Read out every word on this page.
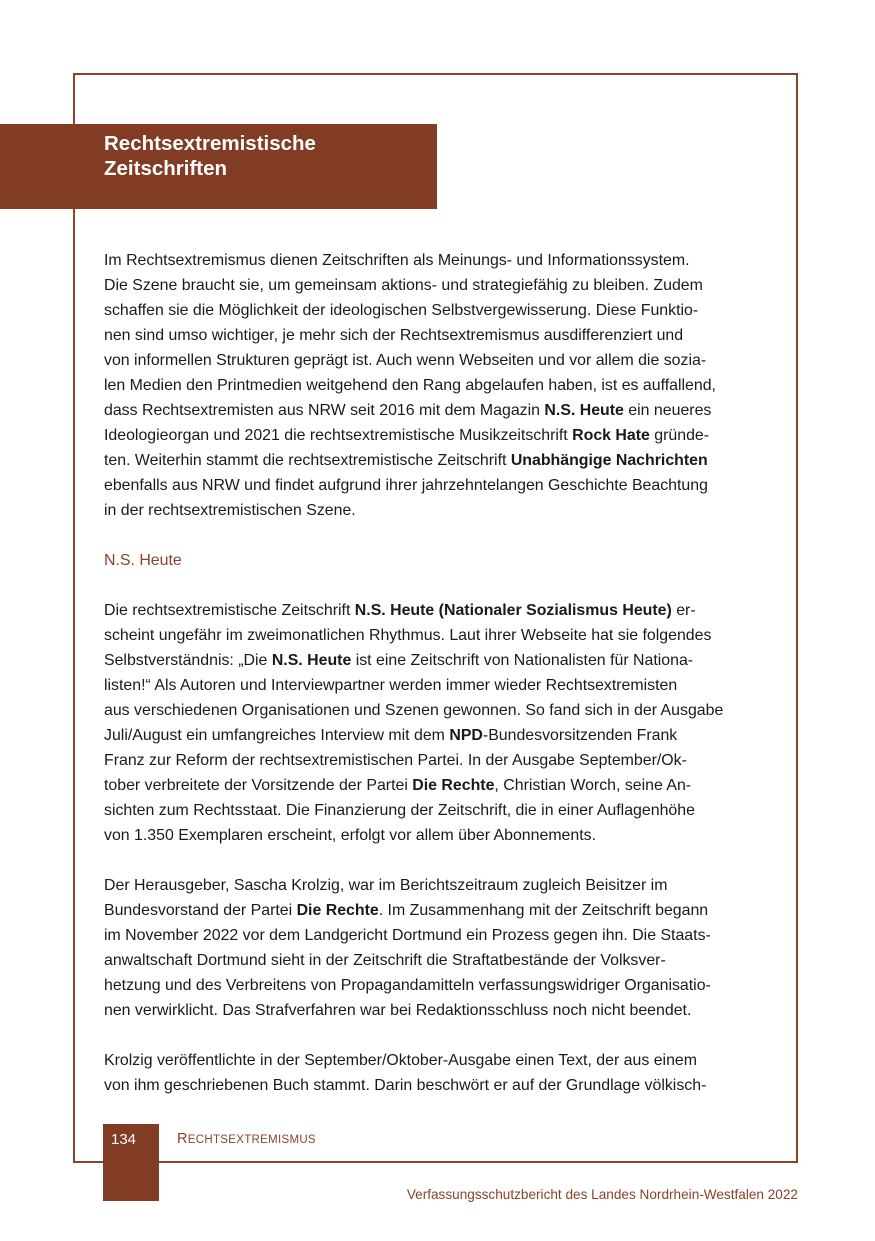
Rechtsextremistische
Zeitschriften
Im Rechtsextremismus dienen Zeitschriften als Meinungs- und Informationssystem.
Die Szene braucht sie, um gemeinsam aktions- und strategiefähig zu bleiben. Zudem
schaffen sie die Möglichkeit der ideologischen Selbstvergewisserung. Diese Funktio-
nen sind umso wichtiger, je mehr sich der Rechtsextremismus ausdifferenziert und
von informellen Strukturen geprägt ist. Auch wenn Webseiten und vor allem die sozia-
len Medien den Printmedien weitgehend den Rang abgelaufen haben, ist es auffallend,
dass Rechtsextremisten aus NRW seit 2016 mit dem Magazin N.S. Heute ein neueres
Ideologieorgan und 2021 die rechtsextremistische Musikzeitschrift Rock Hate gründe-
ten. Weiterhin stammt die rechtsextremistische Zeitschrift Unabhängige Nachrichten
ebenfalls aus NRW und findet aufgrund ihrer jahrzehntelangen Geschichte Beachtung
in der rechtsextremistischen Szene.
N.S. Heute
Die rechtsextremistische Zeitschrift N.S. Heute (Nationaler Sozialismus Heute) er-
scheint ungefähr im zweimonatlichen Rhythmus. Laut ihrer Webseite hat sie folgendes
Selbstverständnis: „Die N.S. Heute ist eine Zeitschrift von Nationalisten für Nationa-
listen!“ Als Autoren und Interviewpartner werden immer wieder Rechtsextremisten
aus verschiedenen Organisationen und Szenen gewonnen. So fand sich in der Ausgabe
Juli/August ein umfangreiches Interview mit dem NPD-Bundesvorsitzenden Frank
Franz zur Reform der rechtsextremistischen Partei. In der Ausgabe September/Ok-
tober verbreitete der Vorsitzende der Partei Die Rechte, Christian Worch, seine An-
sichten zum Rechtsstaat. Die Finanzierung der Zeitschrift, die in einer Auflagenhöhe
von 1.350 Exemplaren erscheint, erfolgt vor allem über Abonnements.
Der Herausgeber, Sascha Krolzig, war im Berichtszeitraum zugleich Beisitzer im
Bundesvorstand der Partei Die Rechte. Im Zusammenhang mit der Zeitschrift begann
im November 2022 vor dem Landgericht Dortmund ein Prozess gegen ihn. Die Staats-
anwaltschaft Dortmund sieht in der Zeitschrift die Straftatbestände der Volksver-
hetzung und des Verbreitens von Propagandamitteln verfassungswidriger Organisatio-
nen verwirklicht. Das Strafverfahren war bei Redaktionsschluss noch nicht beendet.
Krolzig veröffentlichte in der September/Oktober-Ausgabe einen Text, der aus einem
von ihm geschriebenen Buch stammt. Darin beschwört er auf der Grundlage völkisch-
134	RECHTSEXTREMISMUS
Verfassungsschutzbericht des Landes Nordrhein-Westfalen 2022
